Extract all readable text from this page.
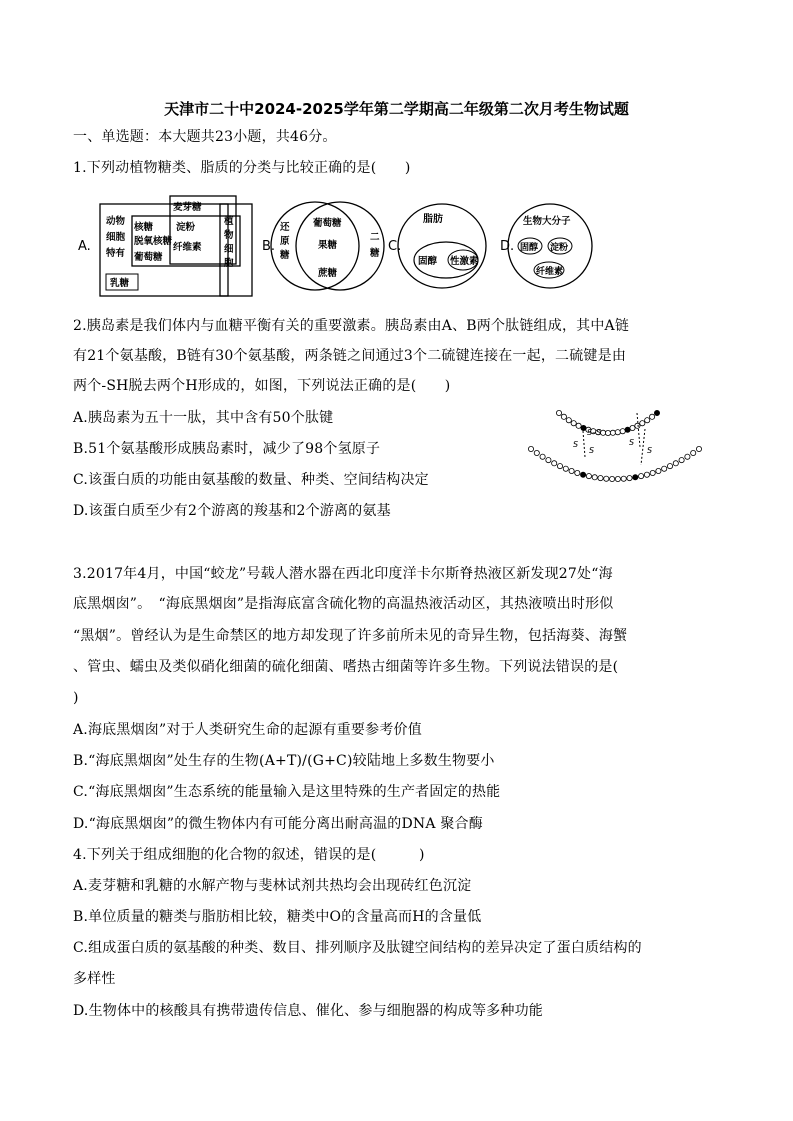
天津市二十中2024-2025学年第二学期高二年级第二次月考生物试题
一、单选题：本大题共23小题，共46分。
1.下列动植物糖类、脂质的分类与比较正确的是(　　)
A.
动物
细胞
特有
核糖
脱氧核糖
葡萄糖
麦芽糖
淀粉
纤维素
植
物
细
胞
乳糖
B.
还
原
糖
二
糖
葡萄糖
果糖
蔗糖
C.
脂肪
固醇 性激素
D.
生物大分子
固醇 淀粉
纤维素
2.胰岛素是我们体内与血糖平衡有关的重要激素。胰岛素由A、B两个肽链组成，其中A链
有21个氨基酸，B链有30个氨基酸，两条链之间通过3个二硫键连接在一起，二硫键是由
两个-SH脱去两个H形成的，如图，下列说法正确的是(　　)
A.胰岛素为五十一肽，其中含有50个肽键
B.51个氨基酸形成胰岛素时，减少了98个氢原子
C.该蛋白质的功能由氨基酸的数量、种类、空间结构决定
D.该蛋白质至少有2个游离的羧基和2个游离的氨基
S–S
S
S
S
S
3.2017年4月，中国“蛟龙”号载人潜水器在西北印度洋卡尔斯脊热液区新发现27处“海
底黑烟囱”。　“海底黑烟囱”是指海底富含硫化物的高温热液活动区，其热液喷出时形似
“黑烟”。曾经认为是生命禁区的地方却发现了许多前所未见的奇异生物，包括海葵、海蟹
、管虫、蠕虫及类似硝化细菌的硫化细菌、嗜热古细菌等许多生物。下列说法错误的是(
)
A.海底黑烟囱”对于人类研究生命的起源有重要参考价值
B.“海底黑烟囱”处生存的生物(A+T)/(G+C)较陆地上多数生物要小
C.“海底黑烟囱”生态系统的能量输入是这里特殊的生产者固定的热能
D.“海底黑烟囱”的微生物体内有可能分离出耐高温的DNA 聚合酶
4.下列关于组成细胞的化合物的叙述，错误的是(　　　)
A.麦芽糖和乳糖的水解产物与斐林试剂共热均会出现砖红色沉淀
B.单位质量的糖类与脂肪相比较，糖类中O的含量高而H的含量低
C.组成蛋白质的氨基酸的种类、数目、排列顺序及肽键空间结构的差异决定了蛋白质结构的
多样性
D.生物体中的核酸具有携带遗传信息、催化、参与细胞器的构成等多种功能
